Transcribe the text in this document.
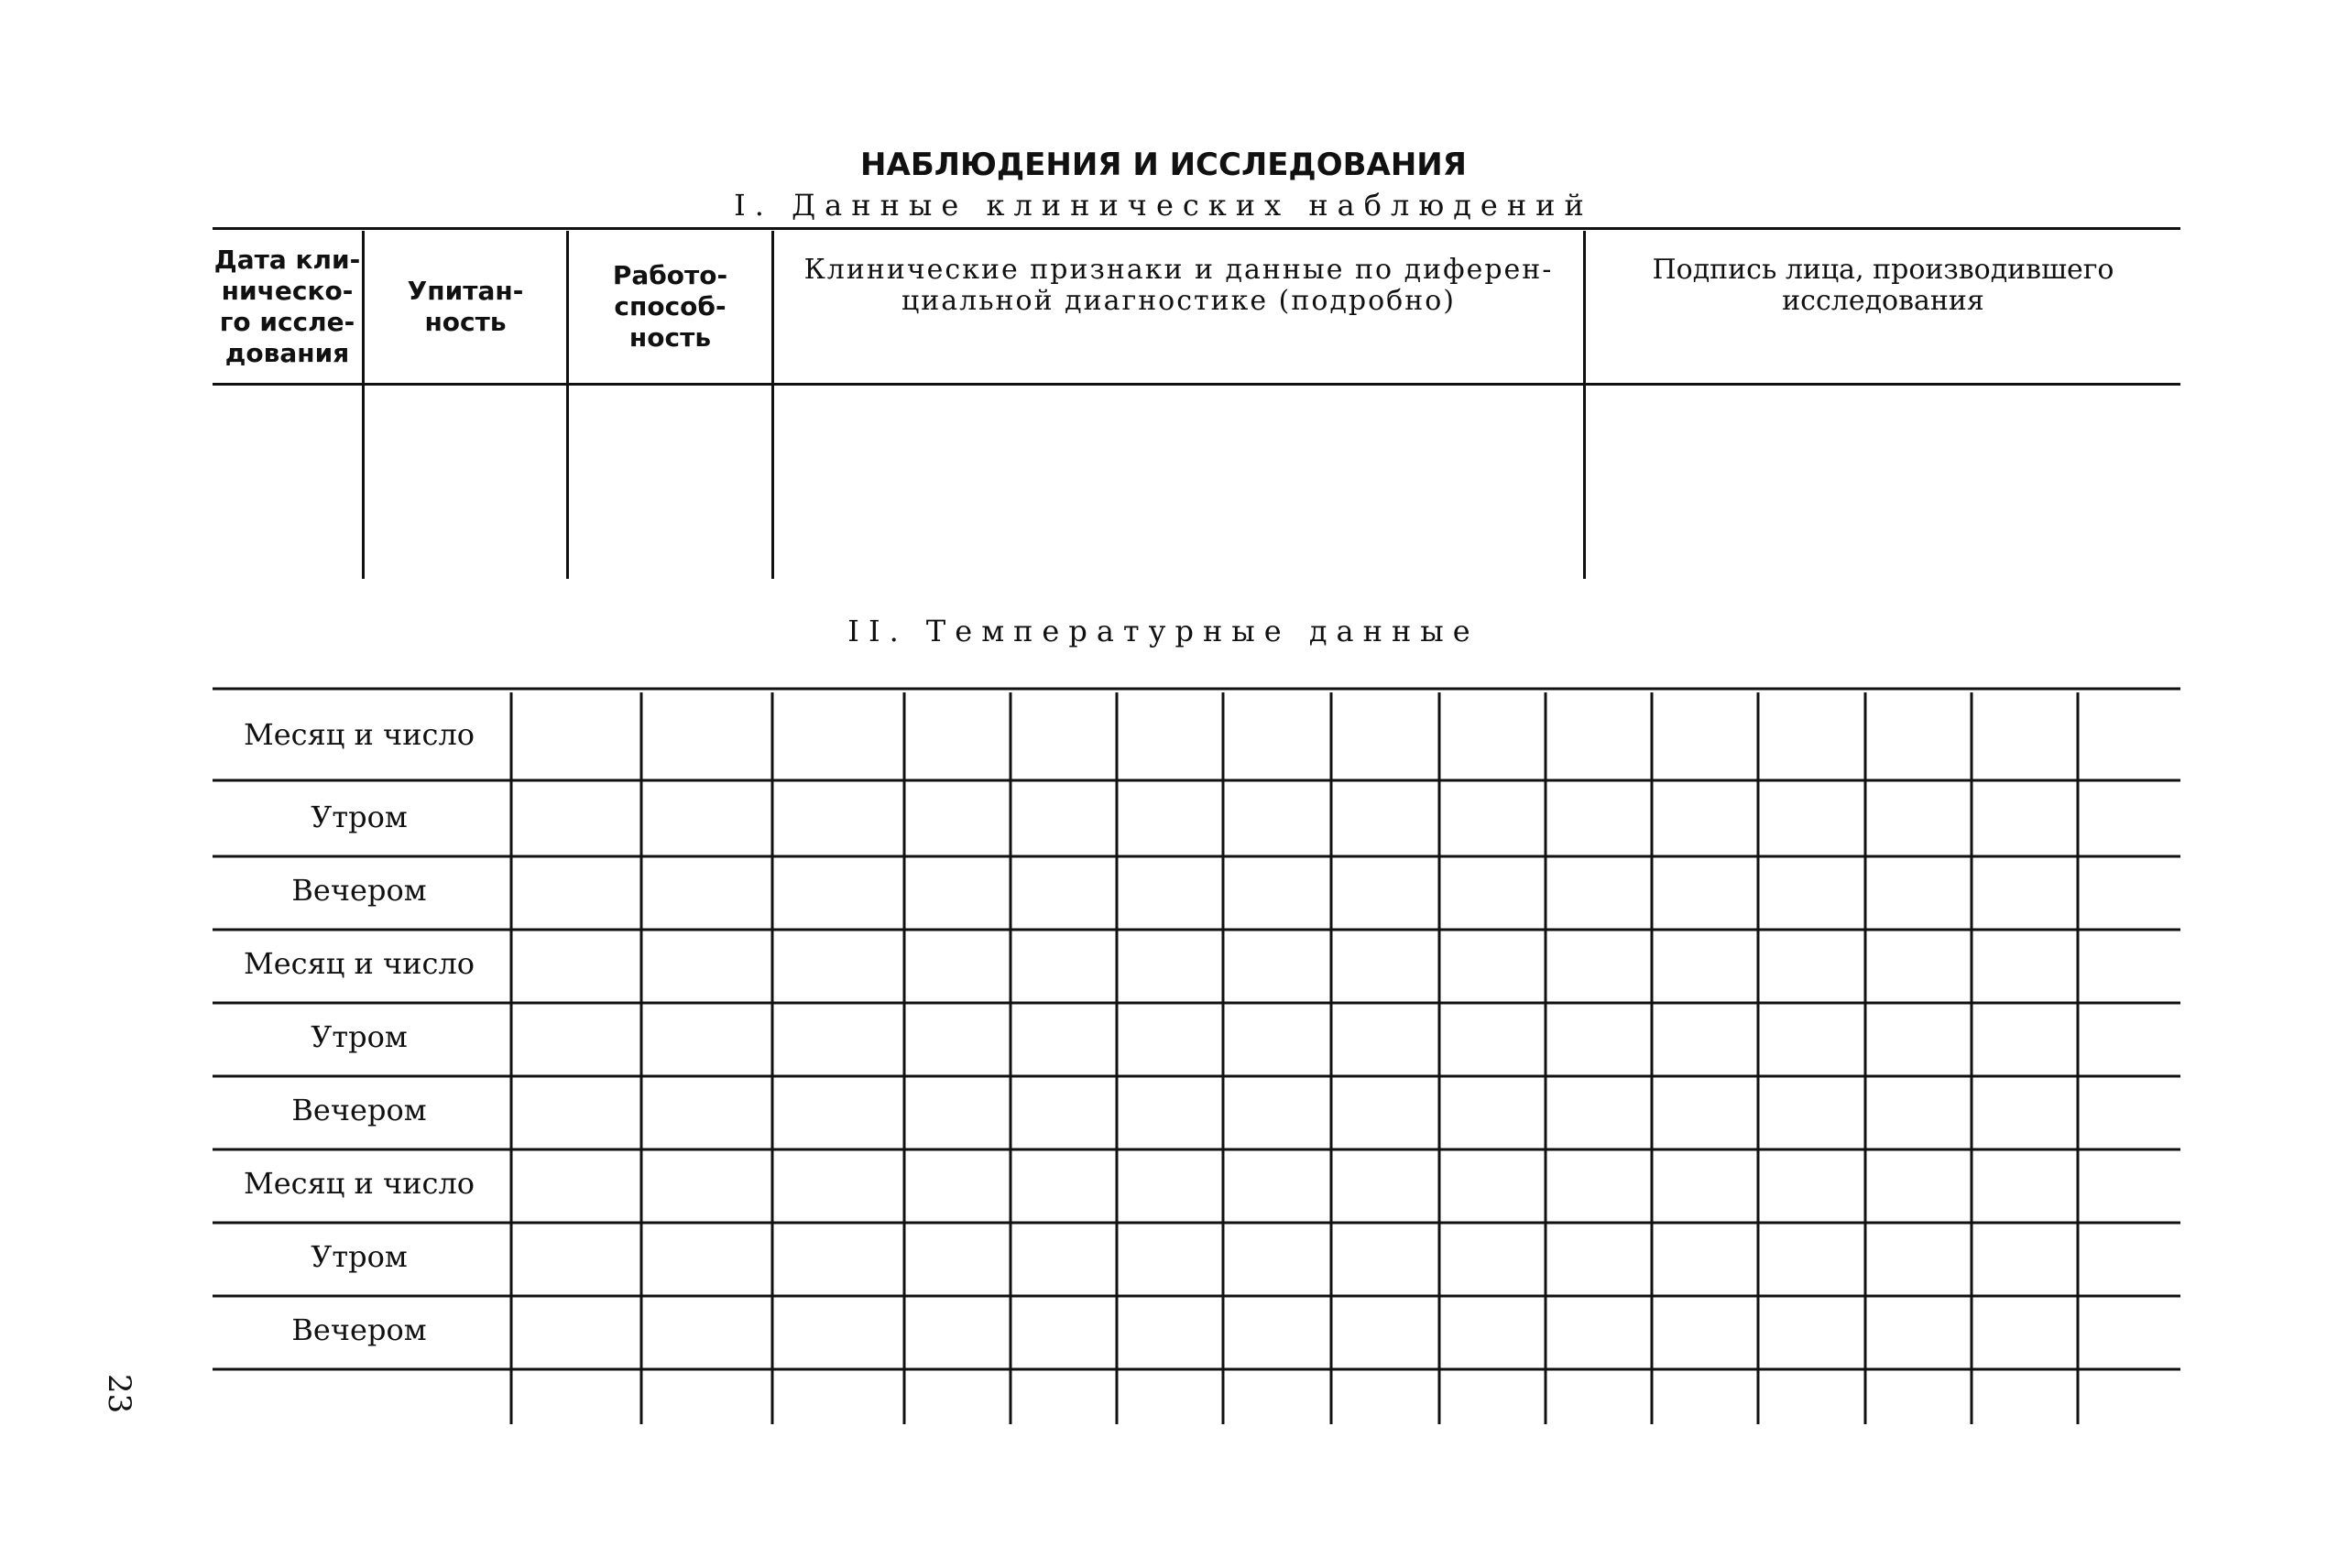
НАБЛЮДЕНИЯ И ИССЛЕДОВАНИЯ
I. Данные клинических наблюдений
Дата кли-
ническо-
го иссле-
дования
Упитан-
ность
Работо-
способ-
ность
Клинические признаки и данные по диферен-
циальной диагностике (подробно)
Подпись лица, производившего
исследования
II. Температурные данные
Месяц и число
Утром
Вечером
Месяц и число
Утром
Вечером
Месяц и число
Утром
Вечером
23
